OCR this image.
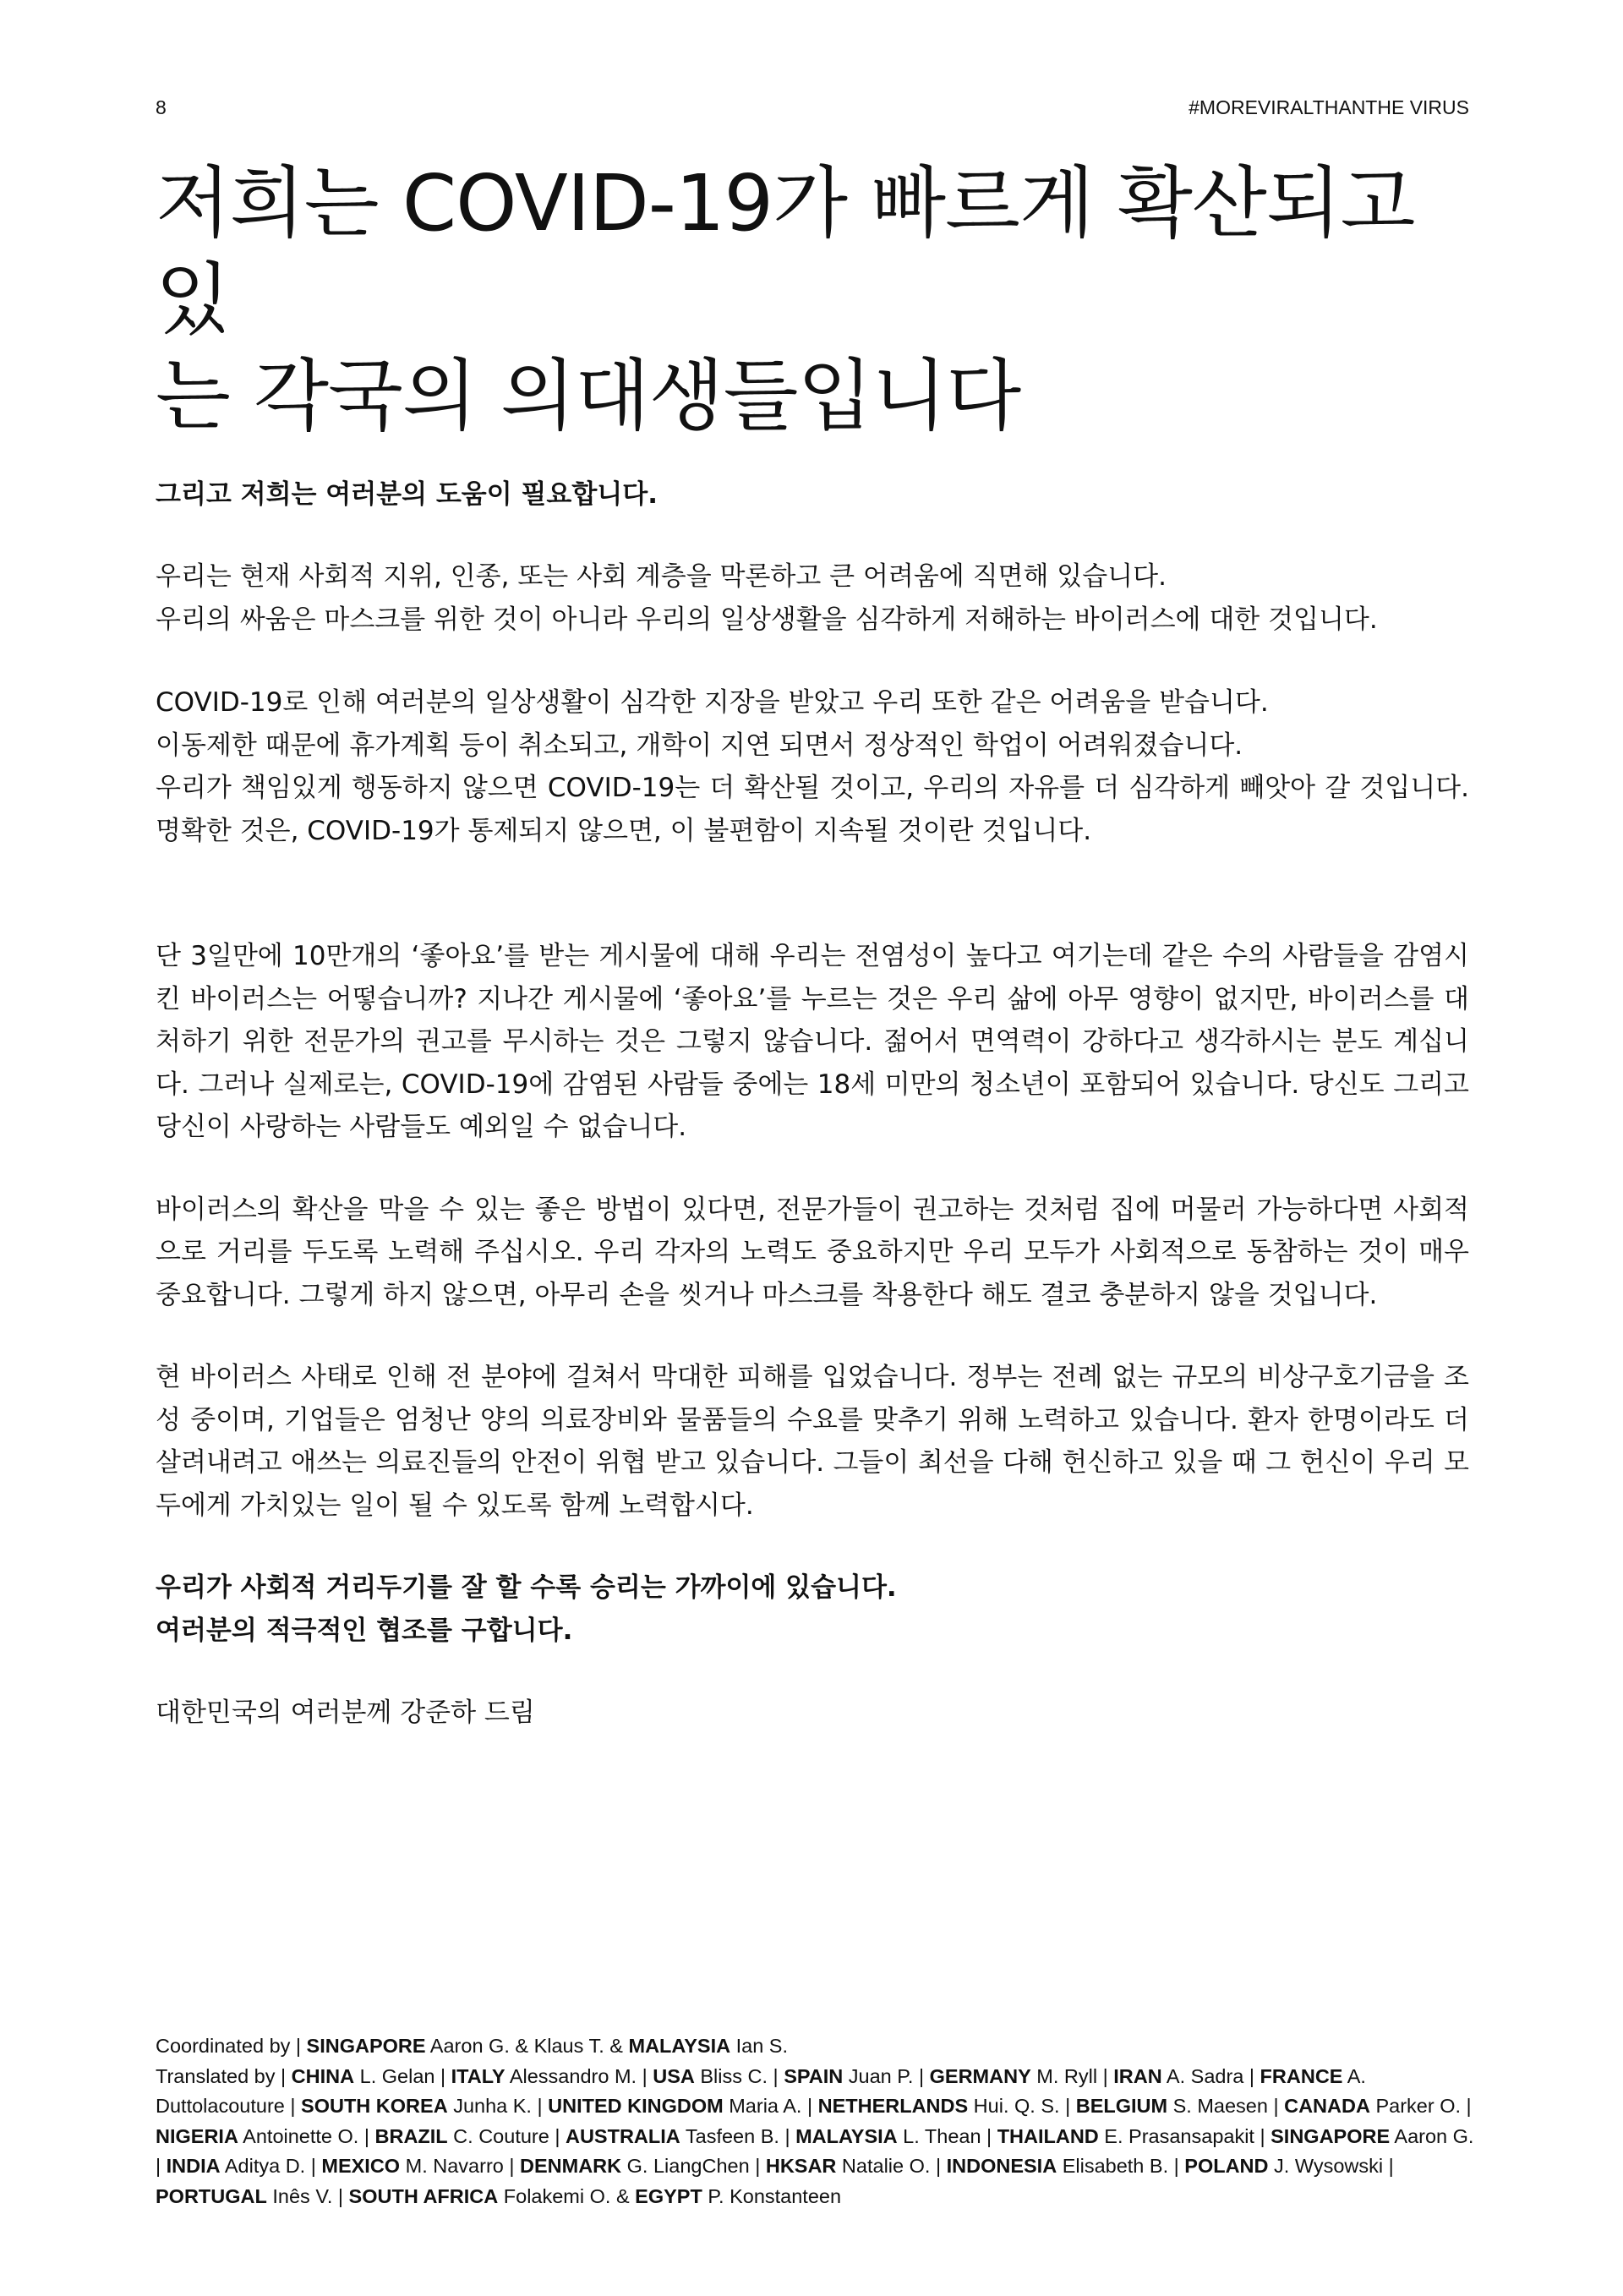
8	#MOREVIRALTHANTHE VIRUS
저희는 COVID-19가 빠르게 확산되고 있
는 각국의 의대생들입니다
그리고 저희는 여러분의 도움이 필요합니다.

우리는 현재 사회적 지위, 인종, 또는 사회 계층을 막론하고 큰 어려움에 직면해 있습니다.
우리의 싸움은 마스크를 위한 것이 아니라 우리의 일상생활을 심각하게 저해하는 바이러스에 대한 것입니다.

COVID-19로 인해 여러분의 일상생활이 심각한 지장을 받았고 우리 또한 같은 어려움을 받습니다.
이동제한 때문에 휴가계획 등이 취소되고, 개학이 지연 되면서 정상적인 학업이 어려워졌습니다.
우리가 책임있게 행동하지 않으면 COVID-19는 더 확산될 것이고, 우리의 자유를 더 심각하게 빼앗아 갈 것입니다.명확한 것은, COVID-19가 통제되지 않으면, 이 불편함이 지속될 것이란 것입니다.

단 3일만에 10만개의 ‘좋아요’를 받는 게시물에 대해 우리는 전염성이 높다고 여기는데 같은 수의 사람들을 감염시킨 바이러스는 어떻습니까? 지나간 게시물에 ‘좋아요’를 누르는 것은 우리 삶에 아무 영향이 없지만, 바이러스를 대처하기 위한 전문가의 권고를 무시하는 것은 그렇지 않습니다. 젊어서 면역력이 강하다고 생각하시는 분도 계십니다. 그러나 실제로는, COVID-19에 감염된 사람들 중에는 18세 미만의 청소년이 포함되어 있습니다. 당신도 그리고 당신이 사랑하는 사람들도 예외일 수 없습니다.

바이러스의 확산을 막을 수 있는 좋은 방법이 있다면, 전문가들이 권고하는 것처럼 집에 머물러 가능하다면 사회적으로 거리를 두도록 노력해 주십시오. 우리 각자의 노력도 중요하지만 우리 모두가 사회적으로 동참하는 것이 매우 중요합니다. 그렇게 하지 않으면, 아무리 손을 씻거나 마스크를 착용한다 해도 결코 충분하지 않을 것입니다.

현 바이러스 사태로 인해 전 분야에 걸쳐서 막대한 피해를 입었습니다. 정부는 전례 없는 규모의 비상구호기금을 조성 중이며, 기업들은 엄청난 양의 의료장비와 물품들의 수요를 맞추기 위해 노력하고 있습니다. 환자 한명이라도 더 살려내려고 애쓰는 의료진들의 안전이 위협 받고 있습니다. 그들이 최선을 다해 헌신하고 있을 때 그 헌신이 우리 모두에게 가치있는 일이 될 수 있도록 함께 노력합시다.

우리가 사회적 거리두기를 잘 할 수록 승리는 가까이에 있습니다.

여러분의 적극적인 협조를 구합니다.

대한민국의 여러분께 강준하 드림

Coordinated by | SINGAPORE Aaron G. & Klaus T. & MALAYSIA Ian S.

Translated by | CHINA L. Gelan | ITALY Alessandro M. | USA Bliss C. | SPAIN Juan P. | GERMANY M. Ryll | IRAN A. Sadra | FRANCE A. Duttolacouture | SOUTH KOREA Junha K. | UNITED KINGDOM Maria A. | NETHERLANDS Hui. Q. S. | BELGIUM S. Maesen | CANADA Parker O. | NIGERIA Antoinette O. | BRAZIL C. Couture | AUSTRALIA Tasfeen B. | MALAYSIA L. Thean | THAILAND E. Prasansapakit | SINGAPORE Aaron G. | INDIA Aditya D. | MEXICO M. Navarro | DENMARK G. LiangChen | HKSAR Natalie O. | INDONESIA Elisabeth B. | POLAND J. Wysowski | PORTUGAL Inês V. | SOUTH AFRICA Folakemi O. & EGYPT P. Konstanteen
